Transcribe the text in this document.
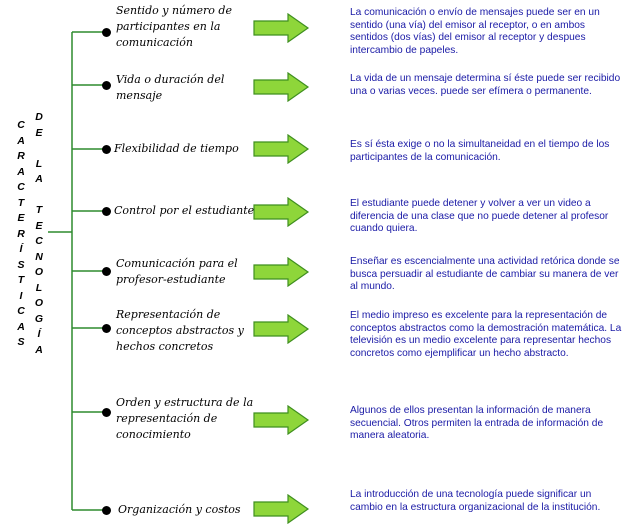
C
A
R
A
C
T
E
R
Í
S
T
I
C
A
S
D
E
L
A
T
E
C
N
O
L
O
G
Í
A
Sentido y número de
participantes en la
comunicación
La comunicación o envío de mensajes puede ser en un sentido (una vía) del emisor al receptor, o en ambos sentidos (dos vías) del emisor al receptor y despues intercambio de papeles.
Vida o duración del
mensaje
La vida de un mensaje determina sí éste puede ser recibido una o varias veces. puede ser efímera o permanente.
Flexibilidad de tiempo	Es sí ésta exige o no la simultaneidad en el tiempo de los participantes de la comunicación.
Control por el estudiante
El estudiante puede detener y volver a ver un video a diferencia de una clase que no puede detener al profesor cuando quiera.
Comunicación para el
profesor-estudiante
Enseñar es escencialmente una actividad retórica donde se busca persuadir al estudiante de cambiar su manera de ver al mundo.
Representación de
conceptos abstractos y
hechos concretos
El medio impreso es excelente para la representación de conceptos abstractos como la demostración matemática. La televisión es un medio excelente para representar hechos concretos como ejemplificar un hecho abstracto.
Orden y estructura de la
representación de
conocimiento
Algunos de ellos presentan la información de manera secuencial. Otros permiten la entrada de información de manera aleatoria.
Organización y costos
La introducción de una tecnología puede significar un cambio en la estructura organizacional de la institución.
